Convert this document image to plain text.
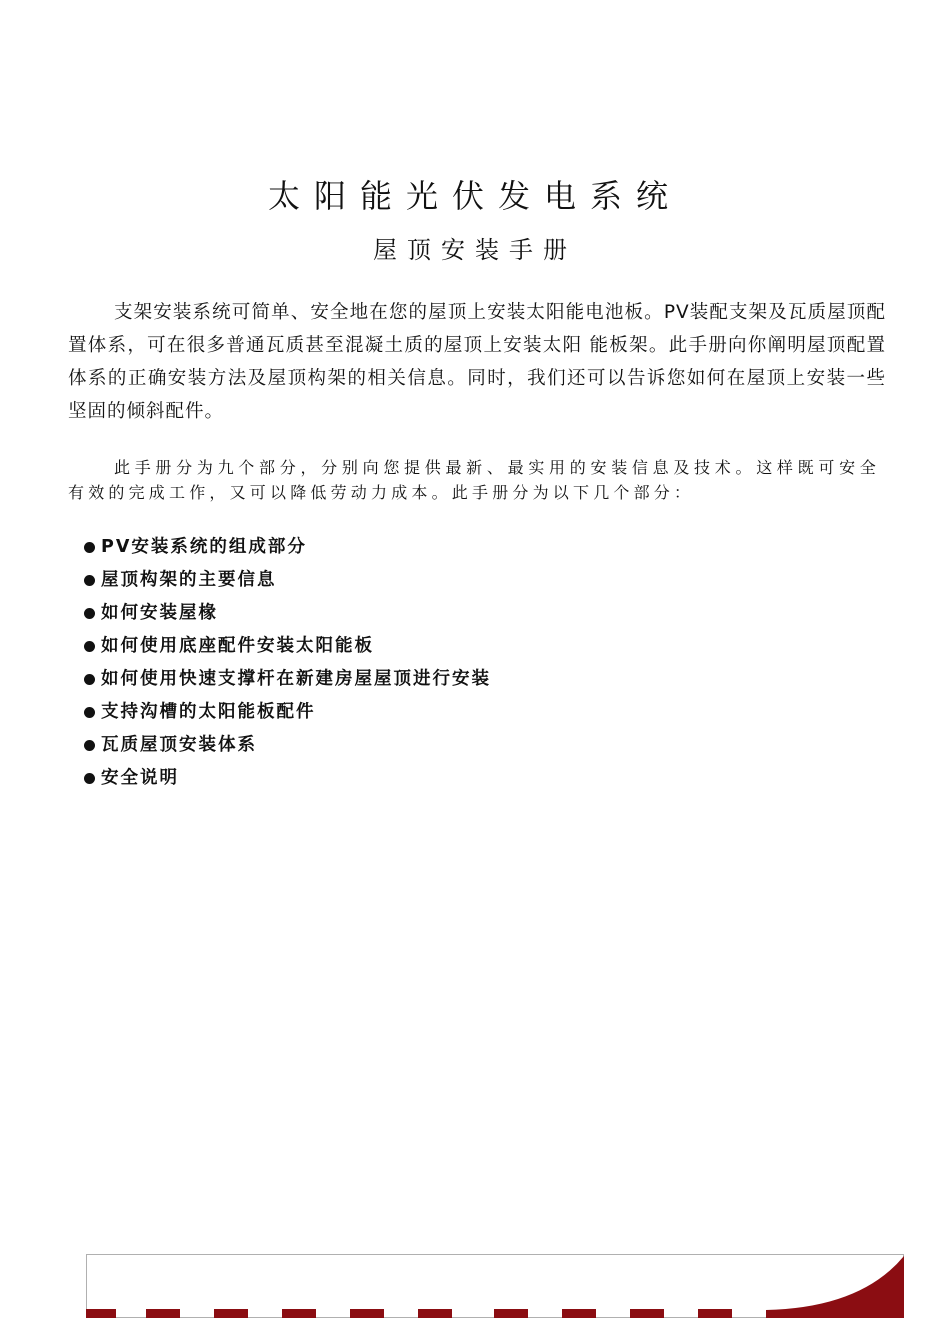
太阳能光伏发电系统
屋顶安装手册

支架安装系统可简单、安全地在您的屋顶上安装太阳能电池板。PV装配支架及瓦质屋顶配置体系，可在很多普通瓦质甚至混凝土质的屋顶上安装太阳 能板架。此手册向你阐明屋顶配置体系的正确安装方法及屋顶构架的相关信息。同时，我们还可以告诉您如何在屋顶上安装一些坚固的倾斜配件。

此手册分为九个部分，分别向您提供最新、最实用的安装信息及技术。这样既可安全有效的完成工作，又可以降低劳动力成本。此手册分为以下几个部分：

PV安装系统的组成部分
屋顶构架的主要信息
如何安装屋椽
如何使用底座配件安装太阳能板
如何使用快速支撑杆在新建房屋屋顶进行安装
支持沟槽的太阳能板配件
瓦质屋顶安装体系
安全说明
